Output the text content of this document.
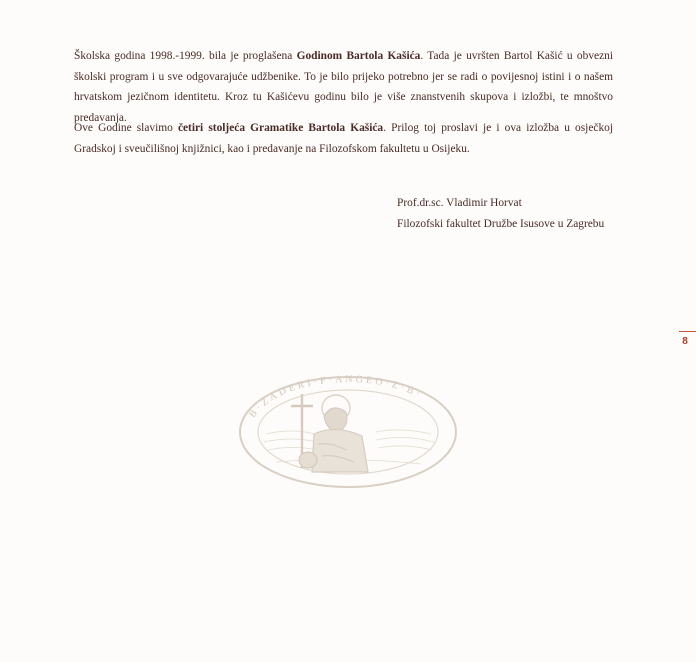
Školska godina 1998.-1999. bila je proglašena Godinom Bartola Kašića. Tada je uvršten Bartol Kašić u obvezni školski program i u sve odgovarajuće udžbenike. To je bilo prijeko potrebno jer se radi o povijesnoj istini i o našem hrvatskom jezičnom identitetu. Kroz tu Kašićevu godinu bilo je više znanstvenih skupova i izložbi, te mnoštvo predavanja.

Ove Godine slavimo četiri stoljeća Gramatike Bartola Kašića. Prilog toj proslavi je i ova izložba u osječkoj Gradskoj i sveučilišnoj knjižnici, kao i predavanje na Filozofskom fakultetu u Osijeku.

Prof.dr.sc. Vladimir Horvat
Filozofski fakultet Družbe Isusove u Zagrebu
8
B·ZADERI·F·ANGEO·Z·B·
